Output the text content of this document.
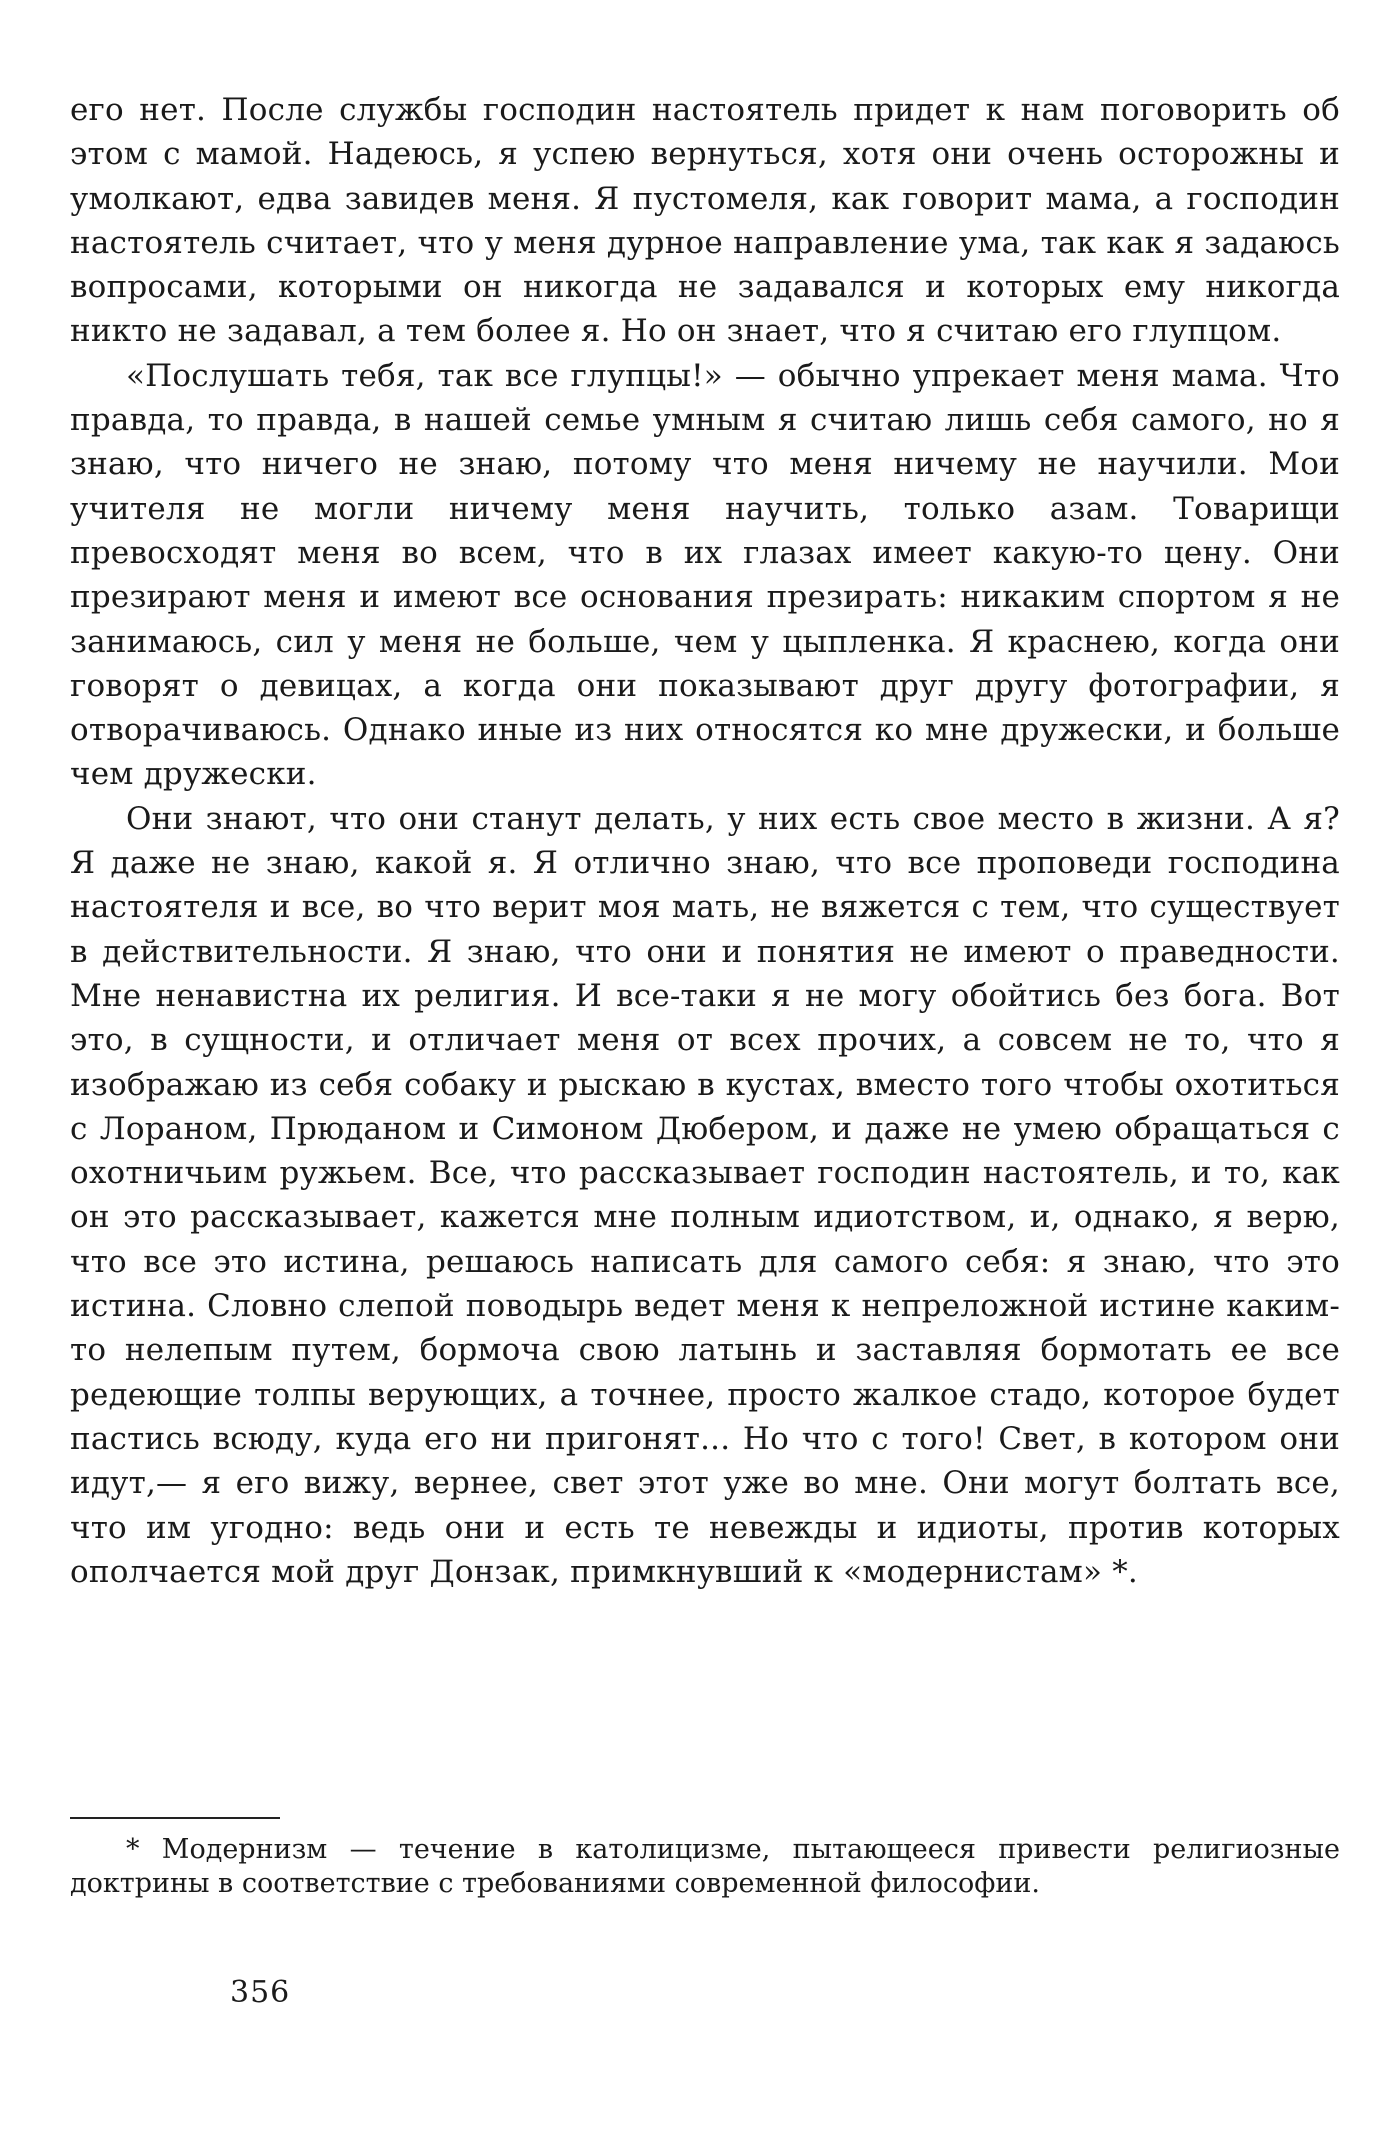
его нет. После службы господин настоятель придет к нам поговорить об этом с мамой. Надеюсь, я успею вернуться, хотя они очень осторожны и умолкают, едва завидев меня. Я пустомеля, как говорит мама, а господин настоятель считает, что у меня дурное направление ума, так как я задаюсь вопросами, которыми он никогда не задавался и которых ему никогда никто не задавал, а тем более я. Но он знает, что я считаю его глупцом.

«Послушать тебя, так все глупцы!» — обычно упрекает меня мама. Что правда, то правда, в нашей семье умным я считаю лишь себя самого, но я знаю, что ничего не знаю, потому что меня ничему не научили. Мои учителя не могли ничему меня научить, только азам. Товарищи превосходят меня во всем, что в их глазах имеет какую-то цену. Они презирают меня и имеют все основания презирать: никаким спортом я не занимаюсь, сил у меня не больше, чем у цыпленка. Я краснею, когда они говорят о девицах, а когда они показывают друг другу фотографии, я отворачиваюсь. Однако иные из них относятся ко мне дружески, и больше чем дружески.

Они знают, что они станут делать, у них есть свое место в жизни. А я? Я даже не знаю, какой я. Я отлично знаю, что все проповеди господина настоятеля и все, во что верит моя мать, не вяжется с тем, что существует в действительности. Я знаю, что они и понятия не имеют о праведности. Мне ненавистна их религия. И все-таки я не могу обойтись без бога. Вот это, в сущности, и отличает меня от всех прочих, а совсем не то, что я изображаю из себя собаку и рыскаю в кустах, вместо того чтобы охотиться с Лораном, Прюданом и Симоном Дюбером, и даже не умею обращаться с охотничьим ружьем. Все, что рассказывает господин настоятель, и то, как он это рассказывает, кажется мне полным идиотством, и, однако, я верю, что все это истина, решаюсь написать для самого себя: я знаю, что это истина. Словно слепой поводырь ведет меня к непреложной истине каким-то нелепым путем, бормоча свою латынь и заставляя бормотать ее все редеющие толпы верующих, а точнее, просто жалкое стадо, которое будет пастись всюду, куда его ни пригонят... Но что с того! Свет, в котором они идут,— я его вижу, вернее, свет этот уже во мне. Они могут болтать все, что им угодно: ведь они и есть те невежды и идиоты, против которых ополчается мой друг Донзак, примкнувший к «модернистам» *.

* Модернизм — течение в католицизме, пытающееся привести религиозные доктрины в соответствие с требованиями современной философии.
356
